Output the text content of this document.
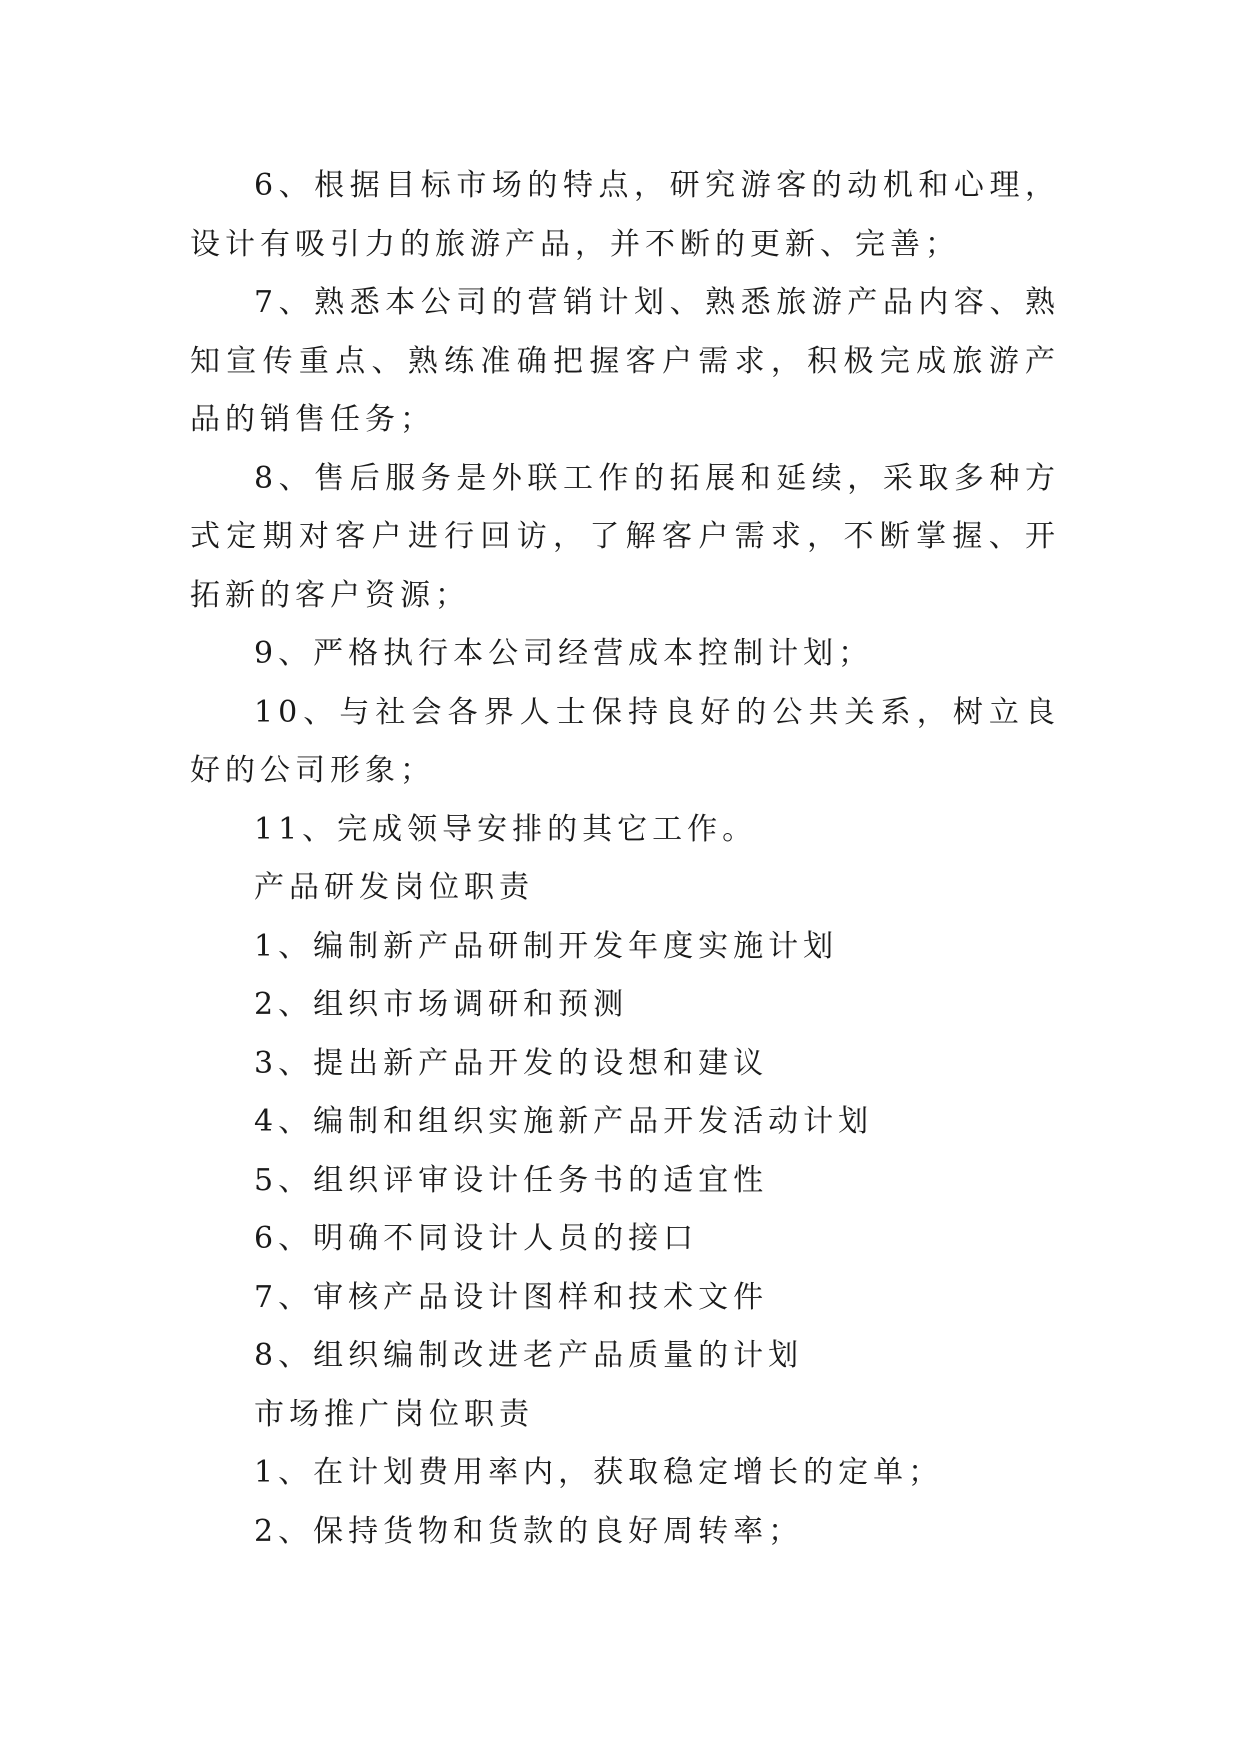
6、根据目标市场的特点，研究游客的动机和心理，设计有吸引力的旅游产品，并不断的更新、完善；

7、熟悉本公司的营销计划、熟悉旅游产品内容、熟知宣传重点、熟练准确把握客户需求，积极完成旅游产品的销售任务；

8、售后服务是外联工作的拓展和延续，采取多种方式定期对客户进行回访，了解客户需求，不断掌握、开拓新的客户资源；

9、严格执行本公司经营成本控制计划；

10、与社会各界人士保持良好的公共关系，树立良好的公司形象；

11、完成领导安排的其它工作。

产品研发岗位职责

1、编制新产品研制开发年度实施计划

2、组织市场调研和预测

3、提出新产品开发的设想和建议

4、编制和组织实施新产品开发活动计划

5、组织评审设计任务书的适宜性

6、明确不同设计人员的接口

7、审核产品设计图样和技术文件

8、组织编制改进老产品质量的计划

市场推广岗位职责

1、在计划费用率内，获取稳定增长的定单；

2、保持货物和货款的良好周转率；
